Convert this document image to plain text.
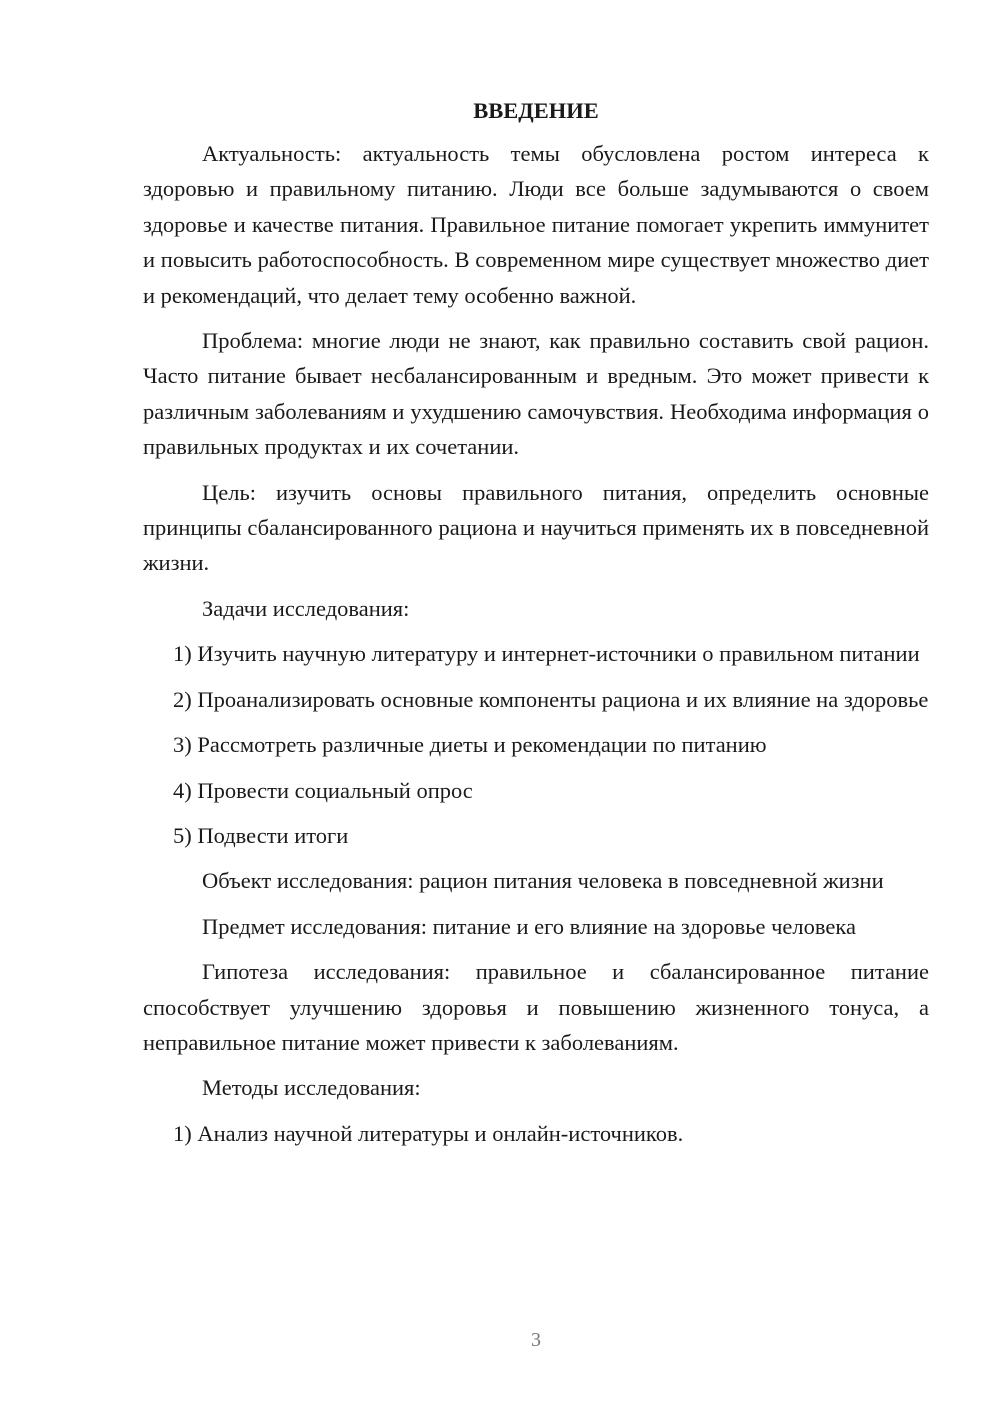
ВВЕДЕНИЕ

Актуальность: актуальность темы обусловлена ростом интереса к здоровью и правильному питанию. Люди все больше задумываются о своем здоровье и качестве питания. Правильное питание помогает укрепить иммунитет и повысить работоспособность. В современном мире существует множество диет и рекомендаций, что делает тему особенно важной.

Проблема: многие люди не знают, как правильно составить свой рацион. Часто питание бывает несбалансированным и вредным. Это может привести к различным заболеваниям и ухудшению самочувствия. Необходима информация о правильных продуктах и их сочетании.

Цель: изучить основы правильного питания, определить основные принципы сбалансированного рациона и научиться применять их в повседневной жизни.

Задачи исследования:

1) Изучить научную литературу и интернет-источники о правильном питании

2) Проанализировать основные компоненты рациона и их влияние на здоровье

3) Рассмотреть различные диеты и рекомендации по питанию

4) Провести социальный опрос

5) Подвести итоги

Объект исследования: рацион питания человека в повседневной жизни

Предмет исследования: питание и его влияние на здоровье человека

Гипотеза исследования: правильное и сбалансированное питание способствует улучшению здоровья и повышению жизненного тонуса, а неправильное питание может привести к заболеваниям.

Методы исследования:

1) Анализ научной литературы и онлайн-источников.

3
